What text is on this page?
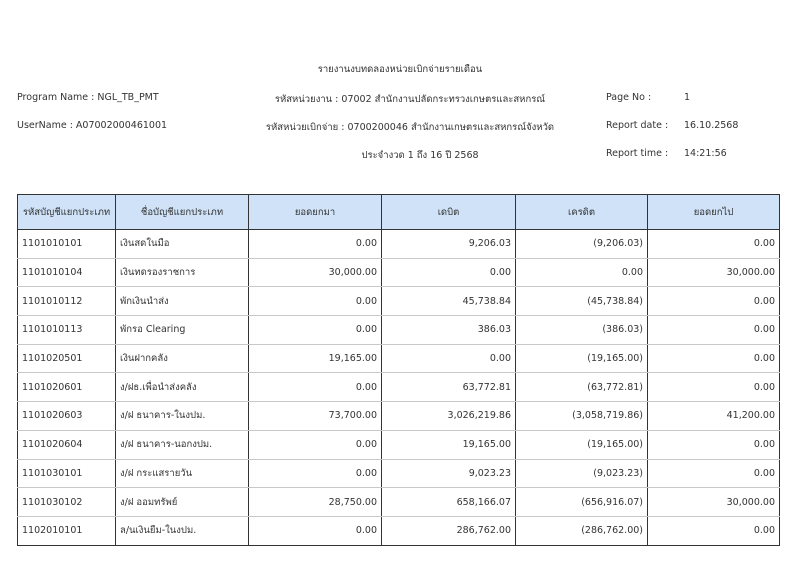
รายงานงบทดลองหน่วยเบิกจ่ายรายเดือน
Program Name : NGL_TB_PMT
UserName : A07002000461001
รหัสหน่วยงาน : 07002 สำนักงานปลัดกระทรวงเกษตรและสหกรณ์
รหัสหน่วยเบิกจ่าย : 0700200046 สำนักงานเกษตรและสหกรณ์จังหวัด
ประจำงวด 1 ถึง 16 ปี 2568
Page No :	1
Report date : 16.10.2568
Report time : 14:21:56
รหัสบัญชีแยกประเภท	ชื่อบัญชีแยกประเภท	ยอดยกมา	เดบิต	เครดิต	ยอดยกไป
1101010101	เงินสดในมือ	0.00	9,206.03	(9,206.03)	0.00
1101010104	เงินทดรองราชการ	30,000.00	0.00	0.00	30,000.00
1101010112	พักเงินนำส่ง	0.00	45,738.84	(45,738.84)	0.00
1101010113	พักรอ Clearing	0.00	386.03	(386.03)	0.00
1101020501	เงินฝากคลัง	19,165.00	0.00	(19,165.00)	0.00
1101020601	ง/ฝธ.เพื่อนำส่งคลัง	0.00	63,772.81	(63,772.81)	0.00
1101020603	ง/ฝ ธนาคาร-ในงปม.	73,700.00	3,026,219.86	(3,058,719.86)	41,200.00
1101020604	ง/ฝ ธนาคาร-นอกงปม.	0.00	19,165.00	(19,165.00)	0.00
1101030101	ง/ฝ กระแสรายวัน	0.00	9,023.23	(9,023.23)	0.00
1101030102	ง/ฝ ออมทรัพย์	28,750.00	658,166.07	(656,916.07)	30,000.00
1102010101	ล/นเงินยืม-ในงปม.	0.00	286,762.00	(286,762.00)	0.00
